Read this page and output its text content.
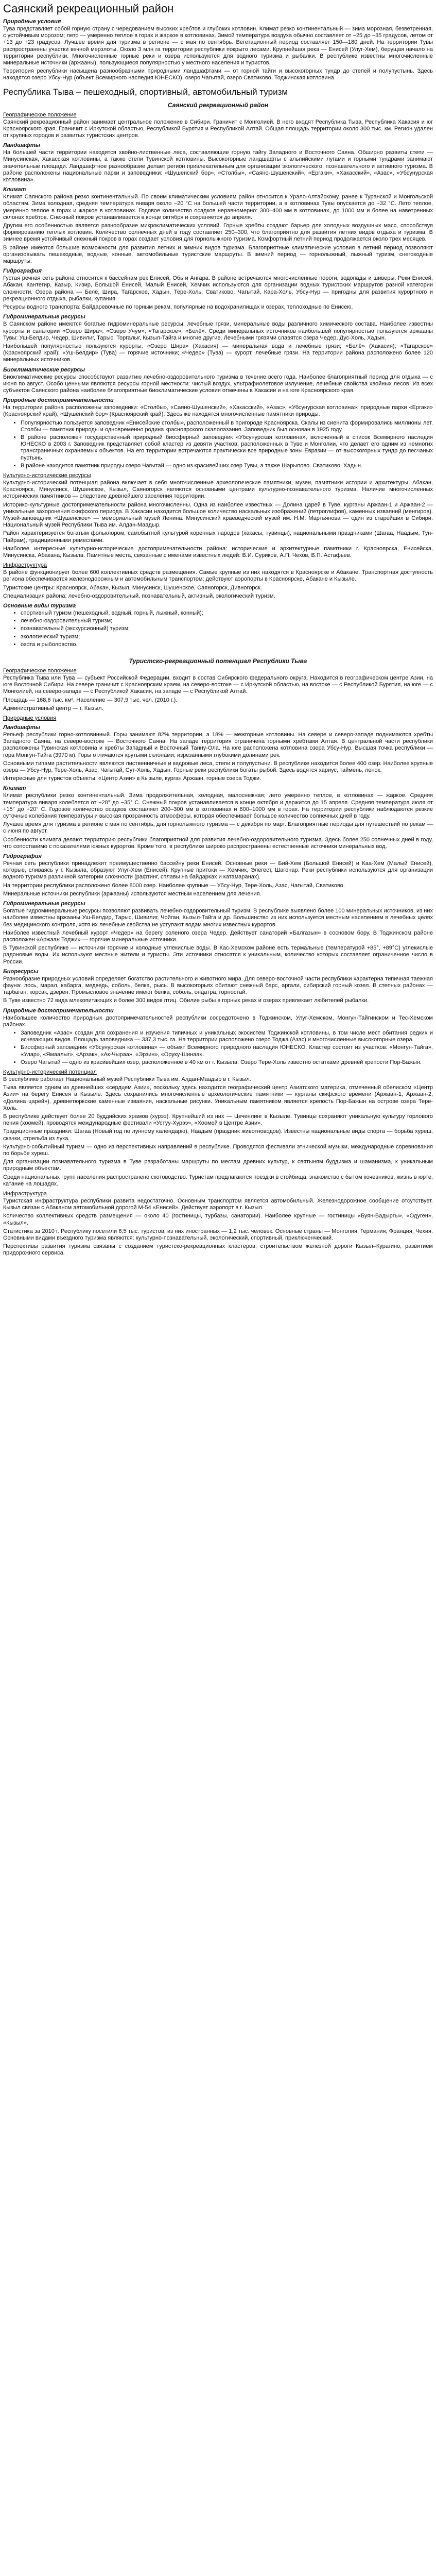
Саянский рекреационный район
Природные условия

Тува представляет собой горную страну с чередованием высоких хребтов и глубоких котловин. Климат резко континентальный — зима морозная, безветренная, с устойчивым морозом; лето — умеренно теплое в горах и жаркое в котловинах. Зимой температура воздуха обычно составляет от −25 до −35 градусов, летом от +13 до +23 градусов. Лучшее время для туризма в регионе — с мая по сентябрь. Вегетационный период составляет 150—180 дней. На территории Тувы распространены участки вечной мерзлоты. Около 3 млн га территории республики покрыто лесами. Крупнейшая река — Енисей (Улуг-Хем), берущая начало на территории республики. Многочисленные горные реки и озера используются для водного туризма и рыбалки. В республике известны многочисленные минеральные источники (аржааны), пользующиеся популярностью у местного населения и туристов.

Территория республики насыщена разнообразными природными ландшафтами — от горной тайги и высокогорных тундр до степей и полупустынь. Здесь находятся озеро Убсу-Нур (объект Всемирного наследия ЮНЕСКО), озеро Чагытай, озеро Сватиково, Тоджинская котловина.

Республика Тыва – пешеходный, спортивный, автомобильный туризм
Саянский рекреационный район
Географическое положение

Саянский рекреационный район занимает центральное положение в Сибири. Граничит с Монголией. В него входят Республика Тыва, Республика Хакасия и юг Красноярского края. Граничит с Иркутской областью, Республикой Бурятия и Республикой Алтай. Общая площадь территории около 300 тыс. км. Регион удален от крупных городов и развитых туристских центров.

Ландшафты

На большей части территории находятся хвойно-лиственные леса, составляющие горную тайгу Западного и Восточного Саяна. Обширно развиты степи — Минусинская, Хакасская котловины, а также степи Тувинской котловины. Высокогорные ландшафты с альпийскими лугами и горными тундрами занимают значительные площади. Ландшафтное разнообразие делает регион привлекательным для организации экологического, познавательного и активного туризма. В районе расположены национальные парки и заповедники: «Шушенский бор», «Столбы», «Саяно-Шушенский», «Ергаки», «Хакасский», «Азас», «Убсунурская котловина».

Климат

Климат Саянского района резко континентальный. По своим климатическим условиям район относится к Урало-Алтайскому, ранее к Туранской и Монгольской областям. Зима холодная, средняя температура января около −20 °С на большей части территории, а в котловинах Тувы опускается до −32 °С. Лето теплое, умеренно теплое в горах и жаркое в котловинах. Годовое количество осадков неравномерно: 300–400 мм в котловинах, до 1000 мм и более на наветренных склонах хребтов. Снежный покров устанавливается в конце октября и сохраняется до апреля.

Другим его особенностью является разнообразие микроклиматических условий. Горные хребты создают барьер для холодных воздушных масс, способствуя формированию теплых котловин. Количество солнечных дней в году составляет 250–300, что благоприятно для развития летних видов отдыха и туризма. В зимнее время устойчивый снежный покров в горах создает условия для горнолыжного туризма. Комфортный летний период продолжается около трех месяцев.

В районе имеются большие возможности для развития летних и зимних видов туризма. Благоприятные климатические условия в летний период позволяют организовывать пешеходные, водные, конные, автомобильные туристские маршруты. В зимний период — горнолыжный, лыжный туризм, снегоходные маршруты.

Гидрография

Густая речная сеть района относится к бассейнам рек Енисей, Обь и Ангара. В районе встречаются многочисленные пороги, водопады и шиверы. Реки Енисей, Абакан, Кантегир, Казыр, Кизир, Большой Енисей, Малый Енисей, Хемчик используются для организации водных туристских маршрутов разной категории сложности. Озера района — Белё, Шира, Тагарское, Хадын, Тере-Холь, Сватиково, Чагытай, Кара-Холь, Убсу-Нур — пригодны для развития курортного и рекреационного отдыха, рыбалки, купания.

Ресурсы водного транспорта: Байдаревочные по горным рекам, популярные на водохранилищах и озерах, теплоходные по Енисею.

Гидроминеральные ресурсы

В Саянском районе имеются богатые гидроминеральные ресурсы: лечебные грязи, минеральные воды различного химического состава. Наиболее известны курорты и санатории «Озеро Шира», «Озеро Учум», «Тагарское», «Белё». Среди минеральных источников наибольшей популярностью пользуются аржааны Тувы: Уш-Белдир, Чедер, Шивилиг, Тарыс, Торгалыг, Кызыл-Тайга и многие другие. Лечебными грязями славятся озера Чедер, Дус-Холь, Хадын.

Наибольшей популярностью пользуются курорты: «Озеро Шира» (Хакасия) — минеральная вода и лечебные грязи; «Белё» (Хакасия); «Тагарское» (Красноярский край); «Уш-Белдир» (Тува) — горячие источники; «Чедер» (Тува) — курорт, лечебные грязи. На территории района расположено более 120 минеральных источников.

Биоклиматические ресурсы

Биоклиматические ресурсы способствуют развитию лечебно-оздоровительного туризма в течение всего года. Наиболее благоприятный период для отдыха — с июня по август. Особо ценными являются ресурсы горной местности: чистый воздух, ультрафиолетовое излучение, лечебные свойства хвойных лесов. Из всех субъектов Саянского района наиболее благоприятные биоклиматические условия отмечены в Хакасии и на юге Красноярского края.

Природные достопримечательности

На территории района расположены заповедники: «Столбы», «Саяно-Шушенский», «Хакасский», «Азас», «Убсунурская котловина»; природные парки «Ергаки» (Красноярский край), «Шушенский бор» (Красноярский край). Здесь же находятся многочисленные памятники природы.

• Популярностью пользуется заповедник «Енисейские столбы», расположенный в пригороде Красноярска. Скалы из сиенита формировались миллионы лет. Столбы — памятник природы и одновременно родина красноярского скалолазания. Заповедник был основан в 1925 году.
• В районе расположен государственный природный биосферный заповедник «Убсунурская котловина», включенный в список Всемирного наследия ЮНЕСКО в 2003 г. Заповедник представляет собой кластер из девяти участков, расположенных в Туве и Монголии, что делает его одним из немногих трансграничных охраняемых объектов. На его территории встречаются практически все природные зоны Евразии — от высокогорных тундр до песчаных пустынь.
• В районе находится памятник природы озеро Чагытай — одно из красивейших озер Тувы, а также Шарыпово. Сватиково. Хадын.
Культурно-исторические ресурсы

Культурно-исторический потенциал района включает в себя многочисленные археологические памятники, музеи, памятники истории и архитектуры. Абакан, Красноярск, Минусинск, Шушенское, Кызыл, Саяногорск являются основными центрами культурно-познавательного туризма. Наличие многочисленных исторических памятников — следствие древнейшего заселения территории.

Историко-культурные достопримечательности района многочисленны. Одна из наиболее известных — Долина царей в Туве, курганы Аржаан-1 и Аржаан-2 — уникальные захоронения скифского периода. В Хакасии находится большое количество наскальных изображений (петроглифов), каменных изваяний (менгиров). Музей-заповедник «Шушенское» — мемориальный музей Ленина. Минусинский краеведческий музей им. Н.М. Мартьянова — один из старейших в Сибири. Национальный музей Республики Тыва им. Алдан-Маадыр.

Район характеризуется богатым фольклором, самобытной культурой коренных народов (хакасы, тувинцы), национальными праздниками (Шагаа, Наадым, Тун-Пайрам), традиционными ремеслами.

Наиболее интересные культурно-исторические достопримечательности района: исторические и архитектурные памятники г. Красноярска, Енисейска, Минусинска, Абакана, Кызыла. Памятные места, связанные с именами известных людей: В.И. Суриков, А.П. Чехов, В.П. Астафьев.

Инфраструктура

В районе функционирует более 600 коллективных средств размещения. Самые крупные из них находятся в Красноярске и Абакане. Транспортная доступность региона обеспечивается железнодорожным и автомобильным транспортом; действуют аэропорты в Красноярске, Абакане и Кызыле.

Туристские центры: Красноярск, Абакан, Кызыл, Минусинск, Шушенское, Саяногорск, Дивногорск.

Специализация района: лечебно-оздоровительный, познавательный, активный, экологический туризм.

Основные виды туризма
• спортивный туризм (пешеходный, водный, горный, лыжный, конный);
• лечебно-оздоровительный туризм;
• познавательный (экскурсионный) туризм;
• экологический туризм;
• охота и рыболовство.
Туристско-рекреационный потенциал Республики Тыва
Географическое положение

Республика Тыва или Тува — субъект Российской Федерации, входит в состав Сибирского федерального округа. Находится в географическом центре Азии, на юге Восточной Сибири. На севере граничит с Красноярским краем, на северо-востоке — с Иркутской областью, на востоке — с Республикой Бурятия, на юге — с Монголией, на северо-западе — с Республикой Хакасия, на западе — с Республикой Алтай.

Площадь — 168,6 тыс. км². Население — 307,9 тыс. чел. (2010 г.).

Административный центр — г. Кызыл.

Природные условия
Ландшафты

Рельеф республики горно-котловинный. Горы занимают 82% территории, а 18% — межгорные котловины. На севере и северо-западе поднимаются хребты Западного Саяна, на северо-востоке — Восточного Саяна. На западе территория ограничена горными хребтами Алтая. В центральной части республики расположены Тувинская котловина и хребты Западный и Восточный Танну-Ола. На юге расположена котловина озера Убсу-Нур. Высшая точка республики — гора Монгун-Тайга (3970 м). Горы отличаются крутыми склонами, изрезанными глубокими долинами рек.

Основными типами растительности являются лиственничные и кедровые леса, степи и полупустыни. В республике находится более 400 озер. Наиболее крупные озера — Убсу-Нур, Тере-Холь, Азас, Чагытай, Сут-Холь, Хадын. Горные реки республики богаты рыбой. Здесь водятся хариус, таймень, ленок.

Интересные для туристов объекты: «Центр Азии» в Кызыле, курган Аржаан, горные озера Тоджи.

Климат

Климат республики резко континентальный. Зима продолжительная, холодная, малоснежная; лето умеренно теплое, в котловинах — жаркое. Средняя температура января колеблется от −28° до −35° С. Снежный покров устанавливается в конце октября и держится до 15 апреля. Средняя температура июля от +15° до +20° С. Годовое количество осадков составляет 200–300 мм в котловинах и 600–1000 мм в горах. На территории республики наблюдаются резкие суточные колебания температуры и высокая прозрачность атмосферы, которая обеспечивает большое количество солнечных дней в году.

Лучшее время для туризма в регионе с мая по сентябрь, для горнолыжного туризма — с декабря по март. Благоприятные периоды для путешествий по рекам — с июня по август.

Особенности климата делают территорию республики благоприятной для развития лечебно-оздоровительного туризма. Здесь более 250 солнечных дней в году, что сопоставимо с показателями южных курортов. Кроме того, в республике широко распространены естественные источники минеральных вод.

Гидрография

Речная сеть республики принадлежит преимущественно бассейну реки Енисей. Основные реки — Бий-Хем (Большой Енисей) и Каа-Хем (Малый Енисей), которые, сливаясь у г. Кызыла, образуют Улуг-Хем (Енисей). Крупные притоки — Хемчик, Элегест, Шагонар. Реки республики используются для организации водного туризма различной категории сложности (рафтинг, сплавы на байдарках и катамаранах).

На территории республики расположено более 8000 озер. Наиболее крупные — Убсу-Нур, Тере-Холь, Азас, Чагытай, Сватиково.

Минеральные источники республики (аржааны) используются местным населением для лечения.

Гидроминеральные ресурсы

Богатые гидроминеральные ресурсы позволяют развивать лечебно-оздоровительный туризм. В республике выявлено более 100 минеральных источников, из них наиболее известны аржааны Уш-Белдир, Тарыс, Шивилиг, Чойган, Кызыл-Тайга и др. Большинство из них используется местным населением в лечебных целях без медицинского контроля, хотя их лечебные свойства не уступают водам многих известных курортов.

Наиболее известный лечебный курорт «Чедер» на берегу соленого озера Чедер. Действует санаторий «Балгазын» в сосновом бору. В Тоджинском районе расположен «Аржаан Тоджи» — горячие минеральные источники.

В Тувинской республике — источники горячие и холодные углекислые воды. В Кас-Хемском районе есть термальные (температурой +85°, +89°С) углекислые радоновые воды. Их используют местные жители и туристы. Эти источники относятся к уникальным, количество которых составляет ограниченное число в России.

Биоресурсы

Разнообразие природных условий определяет богатство растительного и животного мира. Для северо-восточной части республики характерна типичная таежная фауна: лось, марал, кабарга, медведь, соболь, белка, рысь. В высокогорьях обитают снежный барс, аргали, сибирский горный козел. В степных районах — тарбаган, корсак, дзерен. Промысловое значение имеют белка, соболь, ондатра, горностай.

В Туве известно 72 вида млекопитающих и более 300 видов птиц. Обилие рыбы в горных реках и озерах привлекает любителей рыбалки.

Природные достопримечательности

Наибольшее количество природных достопримечательностей республики сосредоточено в Тоджинском, Улуг-Хемском, Монгун-Тайгинском и Тес-Хемском районах.

• Заповедник «Азас» создан для сохранения и изучения типичных и уникальных экосистем Тоджинской котловины, в том числе мест обитания редких и исчезающих видов. Площадь заповедника — 337,3 тыс. га. На территории расположено озеро Тоджа (Азас) и многочисленные высокогорные озера.
• Биосферный заповедник «Убсунурская котловина» — объект Всемирного природного наследия ЮНЕСКО. Кластер состоит из участков: «Монгун-Тайга», «Улар», «Ямаалыг», «Арзак», «Ак-Чыраа», «Эрзин», «Оруку-Шинаа».
• Озеро Чагытай — одно из красивейших озер, расположенное в 40 км от г. Кызыла. Озеро Тере-Холь известно остатками древней крепости Пор-Бажын.
Культурно-исторический потенциал

В республике работает Национальный музей Республики Тыва им. Алдан-Маадыр в г. Кызыл.

Тыва является одним из древнейших «сердцем Азии», поскольку здесь находится географический центр Азиатского материка, отмеченный обелиском «Центр Азии» на берегу Енисея в Кызыле. Здесь сохранились многочисленные археологические памятники — курганы скифского времени (Аржаан-1, Аржаан-2, «Долина царей»), древнетюркские каменные изваяния, наскальные рисунки. Уникальным памятником является крепость Пор-Бажын на острове озера Тере-Холь.

В республике действует более 20 буддийских храмов (хурээ). Крупнейший из них — Цеченлинг в Кызыле. Тувинцы сохраняют уникальную культуру горлового пения (хоомей), проводятся международные фестивали «Устуу-Хурээ», «Хоомей в Центре Азии».

Традиционные праздники: Шагаа (Новый год по лунному календарю), Наадым (праздник животноводов). Известны национальные виды спорта — борьба хуреш, скачки, стрельба из лука.

Культурно-событийный туризм — одно из перспективных направлений в республике. Проводятся фестивали этнической музыки, международные соревнования по борьбе хуреш.

Для организации познавательного туризма в Туве разработаны маршруты по местам древних культур, к святыням буддизма и шаманизма, к уникальным природным объектам.

Среди национальных групп населения распространено скотоводство. Туристам предлагаются поездки в стойбища, знакомство с бытом кочевников, жизнь в юрте, катание на лошадях.

Инфраструктура

Туристская инфраструктура республики развита недостаточно. Основным транспортом является автомобильный. Железнодорожное сообщение отсутствует. Кызыл связан с Абаканом автомобильной дорогой М-54 «Енисей». Действует аэропорт в г. Кызыл.

Количество коллективных средств размещения — около 40 (гостиницы, турбазы, санатории). Наиболее крупные — гостиницы «Буян-Бадыргы», «Одуген», «Кызыл».

Статистика за 2010 г. Республику посетили 6,5 тыс. туристов, из них иностранных — 1,2 тыс. человек. Основные страны — Монголия, Германия, Франция, Чехия. Основными видами въездного туризма являются: культурно-познавательный, экологический, спортивный, приключенческий.

Перспективы развития туризма связаны с созданием туристско-рекреационных кластеров, строительством железной дороги Кызыл–Курагино, развитием придорожного сервиса.
